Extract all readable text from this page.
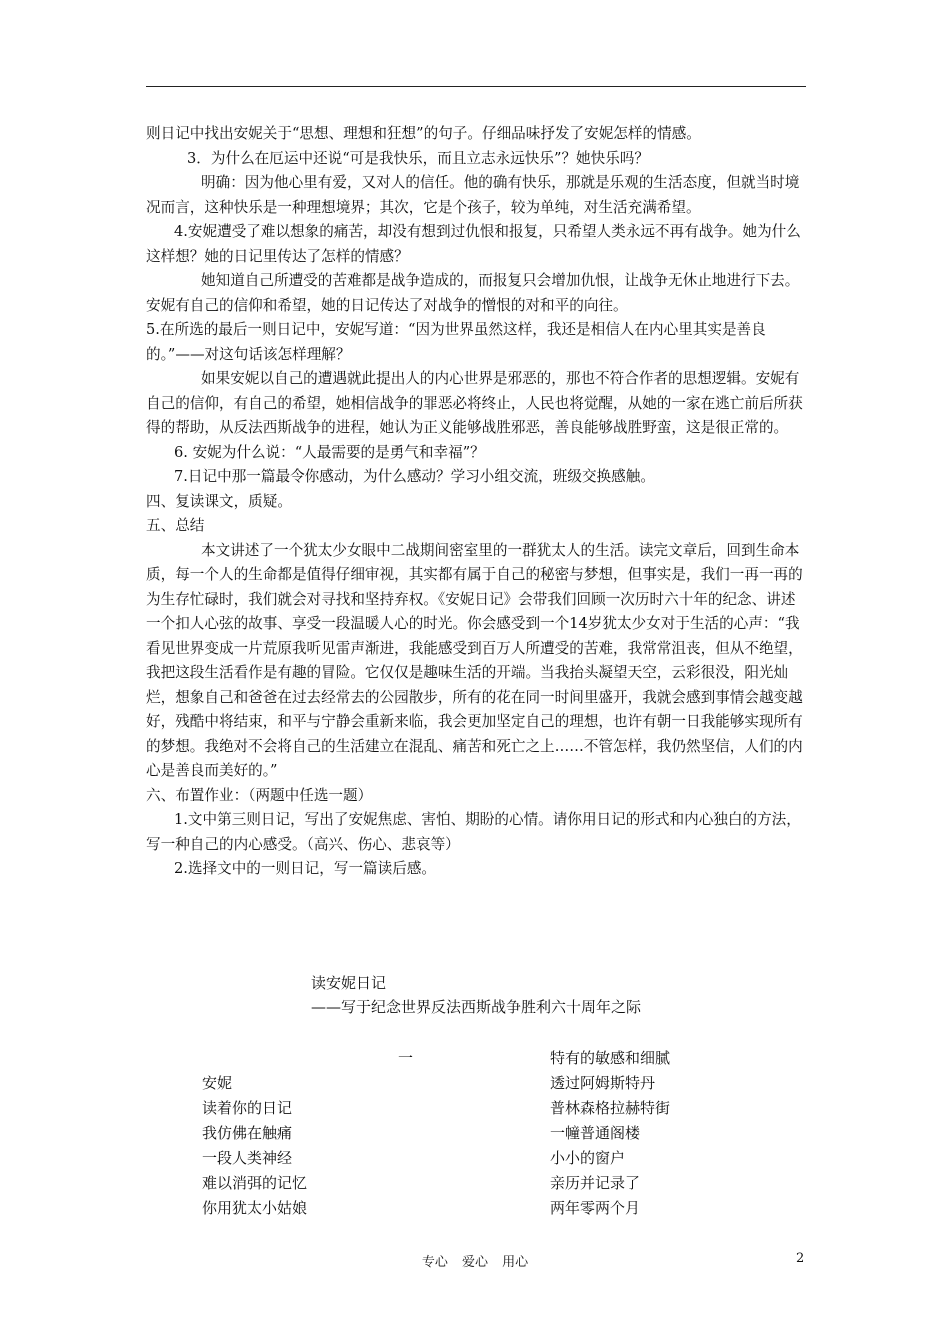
则日记中找出安妮关于“思想、理想和狂想”的句子。仔细品味抒发了安妮怎样的情感。

3．为什么在厄运中还说“可是我快乐，而且立志永远快乐”？她快乐吗？

明确：因为他心里有爱，又对人的信任。他的确有快乐，那就是乐观的生活态度，但就当时境况而言，这种快乐是一种理想境界；其次，它是个孩子，较为单纯，对生活充满希望。

4.安妮遭受了难以想象的痛苦，却没有想到过仇恨和报复，只希望人类永远不再有战争。她为什么这样想？她的日记里传达了怎样的情感？

她知道自己所遭受的苦难都是战争造成的，而报复只会增加仇恨，让战争无休止地进行下去。安妮有自己的信仰和希望，她的日记传达了对战争的憎恨的对和平的向往。

5.在所选的最后一则日记中，安妮写道：“因为世界虽然这样，我还是相信人在内心里其实是善良的。”——对这句话该怎样理解？

如果安妮以自己的遭遇就此提出人的内心世界是邪恶的，那也不符合作者的思想逻辑。安妮有自己的信仰，有自己的希望，她相信战争的罪恶必将终止，人民也将觉醒，从她的一家在逃亡前后所获得的帮助，从反法西斯战争的进程，她认为正义能够战胜邪恶，善良能够战胜野蛮，这是很正常的。

6. 安妮为什么说：“人最需要的是勇气和幸福”？

7.日记中那一篇最令你感动，为什么感动？学习小组交流，班级交换感触。

四、复读课文，质疑。

五、总结

本文讲述了一个犹太少女眼中二战期间密室里的一群犹太人的生活。读完文章后，回到生命本质，每一个人的生命都是值得仔细审视，其实都有属于自己的秘密与梦想，但事实是，我们一再一再的为生存忙碌时，我们就会对寻找和坚持弃权。《安妮日记》会带我们回顾一次历时六十年的纪念、讲述一个扣人心弦的故事、享受一段温暖人心的时光。你会感受到一个14岁犹太少女对于生活的心声：“我看见世界变成一片荒原我听见雷声渐进，我能感受到百万人所遭受的苦难，我常常沮丧，但从不绝望，我把这段生活看作是有趣的冒险。它仅仅是趣味生活的开端。当我抬头凝望天空，云彩很没，阳光灿烂，想象自己和爸爸在过去经常去的公园散步，所有的花在同一时间里盛开，我就会感到事情会越变越好，残酷中将结束，和平与宁静会重新来临，我会更加坚定自己的理想，也许有朝一日我能够实现所有的梦想。我绝对不会将自己的生活建立在混乱、痛苦和死亡之上……不管怎样，我仍然坚信，人们的内心是善良而美好的。”

六、布置作业：（两题中任选一题）

1.文中第三则日记，写出了安妮焦虑、害怕、期盼的心情。请你用日记的形式和内心独白的方法，写一种自己的内心感受。（高兴、伤心、悲哀等）

2.选择文中的一则日记，写一篇读后感。

读安妮日记
——写于纪念世界反法西斯战争胜利六十周年之际
一
安妮
读着你的日记
我仿佛在触痛
一段人类神经
难以消弭的记忆
你用犹太小姑娘
特有的敏感和细腻
透过阿姆斯特丹
普林森格拉赫特街
一幢普通阁楼
小小的窗户
亲历并记录了
两年零两个月
专心 爱心 用心	2
